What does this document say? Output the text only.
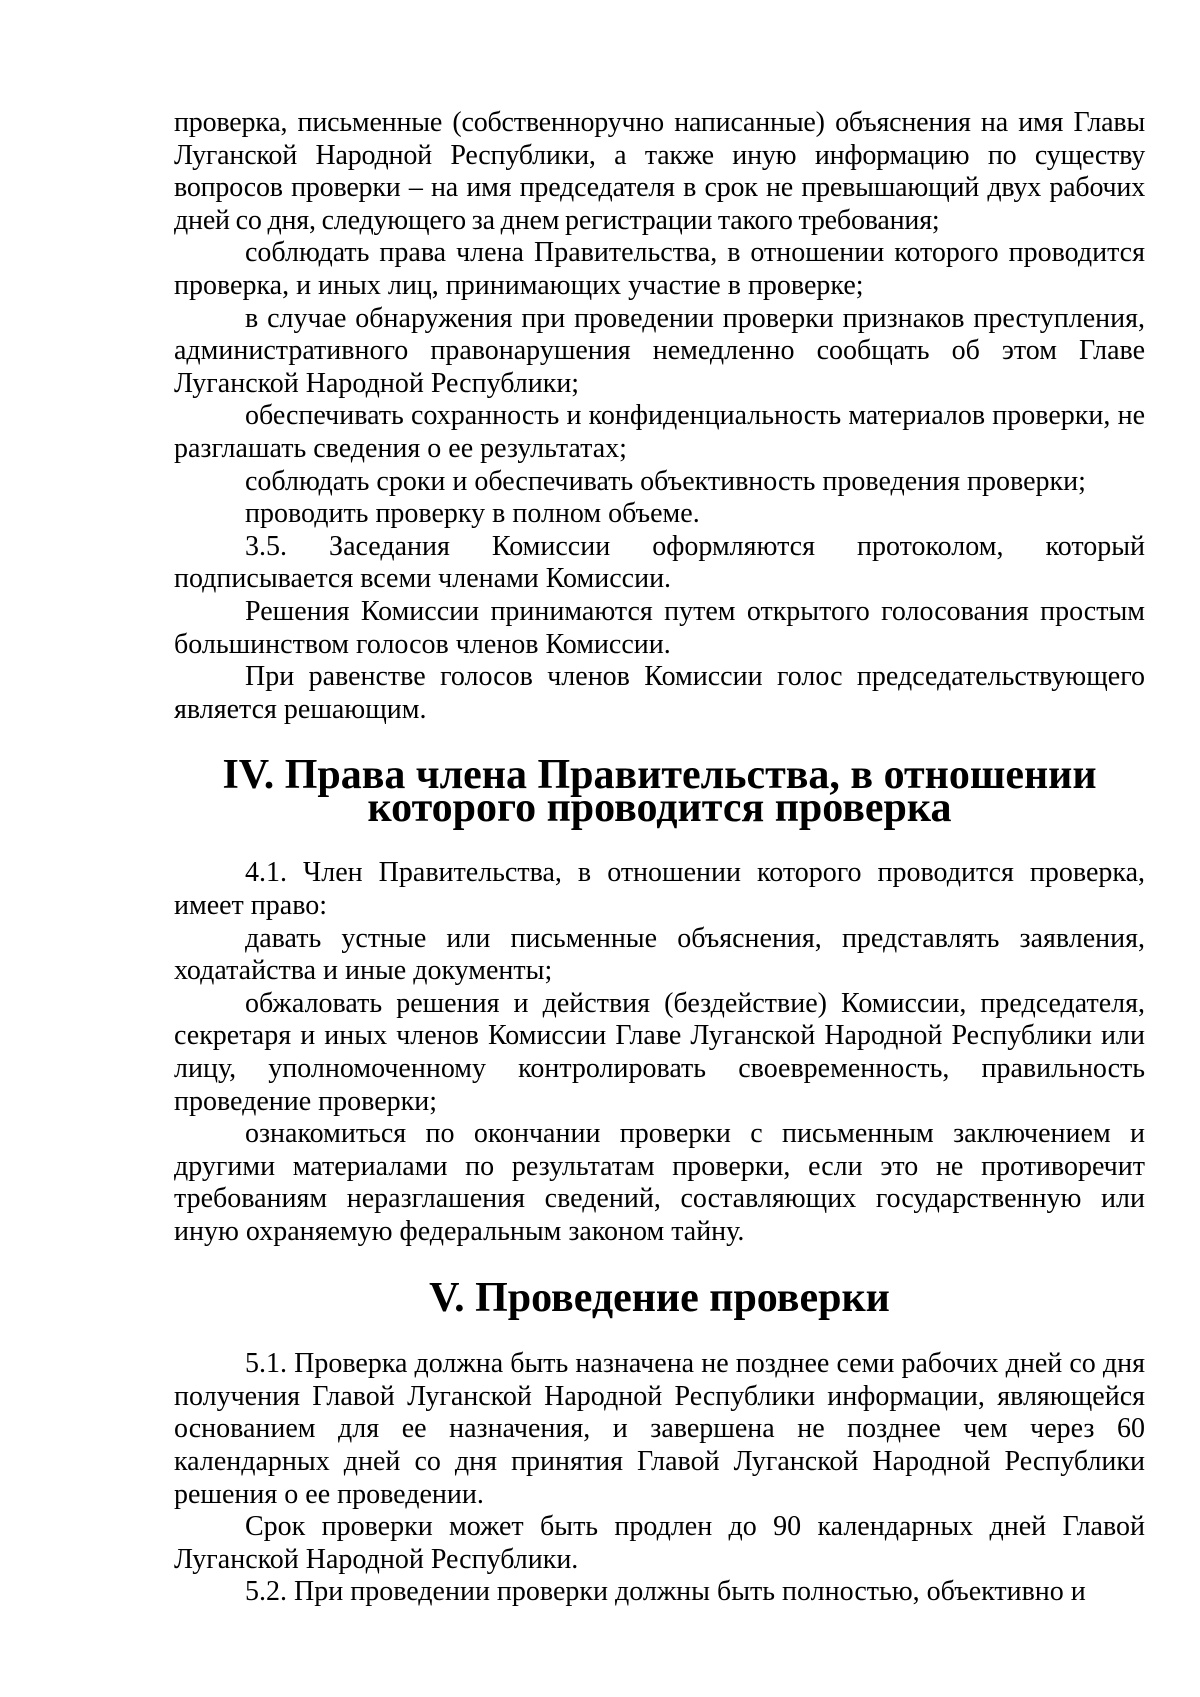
проверка, письменные (собственноручно написанные) объяснения на имя Главы Луганской Народной Республики, а также иную информацию по существу вопросов проверки – на имя председателя в срок не превышающий двух рабочих дней со дня, следующего за днем регистрации такого требования;

соблюдать права члена Правительства, в отношении которого проводится проверка, и иных лиц, принимающих участие в проверке;

в случае обнаружения при проведении проверки признаков преступления, административного правонарушения немедленно сообщать об этом Главе Луганской Народной Республики;

обеспечивать сохранность и конфиденциальность материалов проверки, не разглашать сведения о ее результатах;

соблюдать сроки и обеспечивать объективность проведения проверки;

проводить проверку в полном объеме.

3.5. Заседания Комиссии оформляются протоколом, который подписывается всеми членами Комиссии.

Решения Комиссии принимаются путем открытого голосования простым большинством голосов членов Комиссии.

При равенстве голосов членов Комиссии голос председательствующего является решающим.

IV. Права члена Правительства, в отношении которого проводится проверка

4.1. Член Правительства, в отношении которого проводится проверка, имеет право:

давать устные или письменные объяснения, представлять заявления, ходатайства и иные документы;

обжаловать решения и действия (бездействие) Комиссии, председателя, секретаря и иных членов Комиссии Главе Луганской Народной Республики или лицу, уполномоченному контролировать своевременность, правильность проведение проверки;

ознакомиться по окончании проверки с письменным заключением и другими материалами по результатам проверки, если это не противоречит требованиям неразглашения сведений, составляющих государственную или иную охраняемую федеральным законом тайну.

V. Проведение проверки

5.1. Проверка должна быть назначена не позднее семи рабочих дней со дня получения Главой Луганской Народной Республики информации, являющейся основанием для ее назначения, и завершена не позднее чем через 60 календарных дней со дня принятия Главой Луганской Народной Республики решения о ее проведении.

Срок проверки может быть продлен до 90 календарных дней Главой Луганской Народной Республики.

5.2. При проведении проверки должны быть полностью, объективно и
